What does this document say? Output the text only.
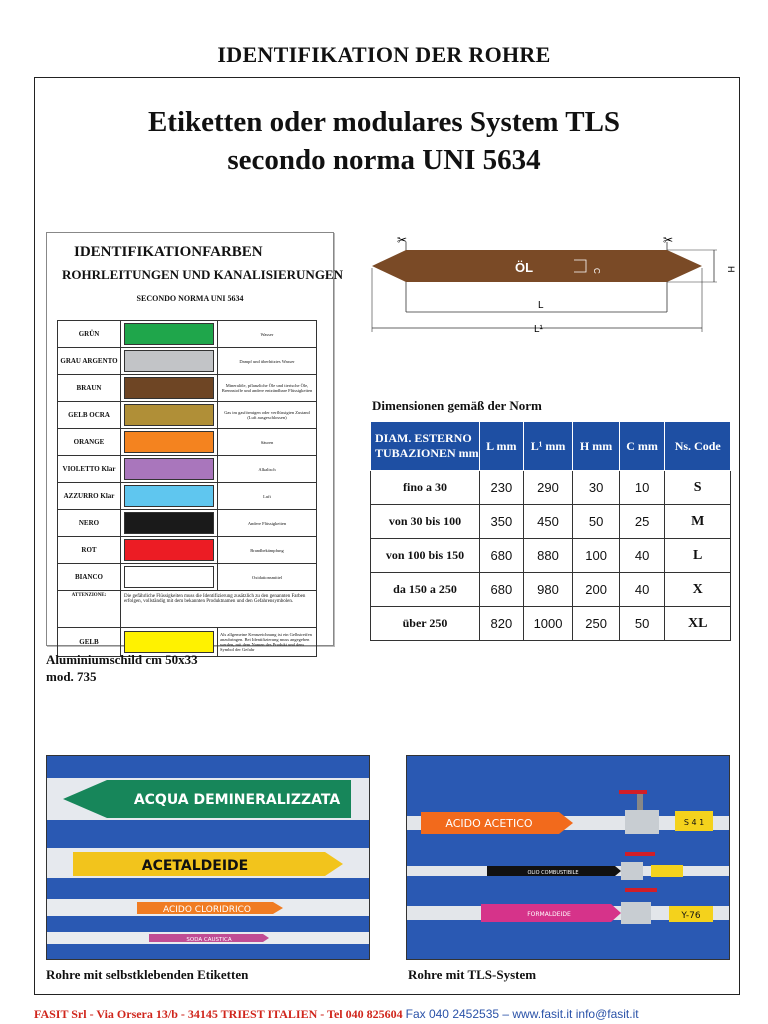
IDENTIFIKATION DER ROHRE
Etiketten oder modulares System TLS
secondo norma UNI 5634
IDENTIFIKATIONFARBEN
ROHRLEITUNGEN UND KANALISIERUNGEN
SECONDO NORMA UNI 5634
GRÜN		Wasser
GRAU ARGENTO		Dampf und überhitztes Wasser
BRAUN		Mineralöle, pflanzliche Öle und tierische Öle, Brennstoffe und andere entzündbare Flüssigkeiten
GELB OCRA		Gas im gasförmigen oder verflüssigten Zustand (Luft ausgeschlossen)
ORANGE		Säuren
VIOLETTO Klar		Alkalisch
AZZURRO Klar		Luft
NERO		Andere Flüssigkeiten
ROT		Brandbekämpfung
BIANCO		Oxidationsmittel
ATTENZIONE:	Die gefährliche Flüssigkeiten muss die Identifizierung zusätzlich zu den genannten Farben erfolgen, vollständig mit dem bekannten Produktnamen und den Gefahrensymbolen.	
GELB		Als allgemeine Kennzeichnung ist ein Gelbstreifen anzubringen. Bei Identifizierung muss angegeben werden, mit dem Namen des Produkt und dem Symbol der Gefahr
Aluminiumschild cm 50x33
mod. 735
✂	✂
ÖL	C	H
L
L¹
Dimensionen gemäß der Norm
DIAM. ESTERNO TUBAZIONEN mm	L mm	L¹ mm	H mm	C mm	Ns. Code
fino a 30	230	290	30	10	S
von 30 bis 100	350	450	50	25	M
von 100 bis 150	680	880	100	40	L
da 150 a 250	680	980	200	40	X
über 250	820	1000	250	50	XL
ACQUA DEMINERALIZZATA
ACETALDEIDE
ACIDO CLORIDRICO
SODA CAUSTICA
Rohre mit selbstklebenden Etiketten
ACIDO ACETICO	S 4 1
OLIO COMBUSTIBILE
FORMALDEIDE	Y-76
Rohre mit TLS-System
FASIT Srl - Via Orsera 13/b - 34145 TRIEST ITALIEN - Tel 040 825604 Fax 040 2452535 – www.fasit.it info@fasit.it
